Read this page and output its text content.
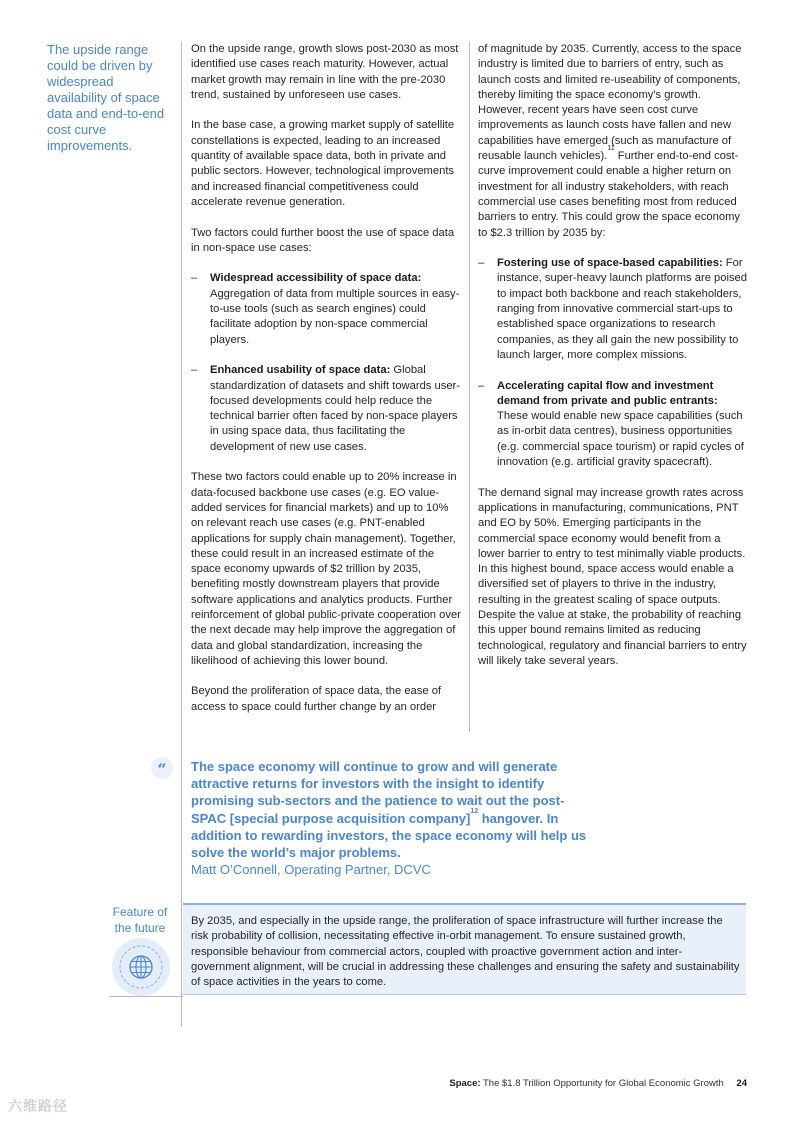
The upside range could be driven by widespread availability of space data and end-to-end cost curve improvements.

On the upside range, growth slows post-2030 as most identified use cases reach maturity. However, actual market growth may remain in line with the pre-2030 trend, sustained by unforeseen use cases.

In the base case, a growing market supply of satellite constellations is expected, leading to an increased quantity of available space data, both in private and public sectors. However, technological improvements and increased financial competitiveness could accelerate revenue generation.

Two factors could further boost the use of space data in non-space use cases:

– Widespread accessibility of space data: Aggregation of data from multiple sources in easy-to-use tools (such as search engines) could facilitate adoption by non-space commercial players.
– Enhanced usability of space data: Global standardization of datasets and shift towards user-focused developments could help reduce the technical barrier often faced by non-space players in using space data, thus facilitating the development of new use cases.

These two factors could enable up to 20% increase in data-focused backbone use cases (e.g. EO value-added services for financial markets) and up to 10% on relevant reach use cases (e.g. PNT-enabled applications for supply chain management). Together, these could result in an increased estimate of the space economy upwards of $2 trillion by 2035, benefiting mostly downstream players that provide software applications and analytics products. Further reinforcement of global public-private cooperation over the next decade may help improve the aggregation of data and global standardization, increasing the likelihood of achieving this lower bound.

Beyond the proliferation of space data, the ease of access to space could further change by an order

of magnitude by 2035. Currently, access to the space industry is limited due to barriers of entry, such as launch costs and limited re-useability of components, thereby limiting the space economy's growth. However, recent years have seen cost curve improvements as launch costs have fallen and new capabilities have emerged (such as manufacture of reusable launch vehicles).$^{11}$ Further end-to-end cost-curve improvement could enable a higher return on investment for all industry stakeholders, with reach commercial use cases benefiting most from reduced barriers to entry. This could grow the space economy to $2.3 trillion by 2035 by:

– Fostering use of space-based capabilities: For instance, super-heavy launch platforms are poised to impact both backbone and reach stakeholders, ranging from innovative commercial start-ups to established space organizations to research companies, as they all gain the new possibility to launch larger, more complex missions.
– Accelerating capital flow and investment demand from private and public entrants: These would enable new space capabilities (such as in-orbit data centres), business opportunities (e.g. commercial space tourism) or rapid cycles of innovation (e.g. artificial gravity spacecraft).

The demand signal may increase growth rates across applications in manufacturing, communications, PNT and EO by 50%. Emerging participants in the commercial space economy would benefit from a lower barrier to entry to test minimally viable products. In this highest bound, space access would enable a diversified set of players to thrive in the industry, resulting in the greatest scaling of space outputs. Despite the value at stake, the probability of reaching this upper bound remains limited as reducing technological, regulatory and financial barriers to entry will likely take several years.

“	The space economy will continue to grow and will generate attractive returns for investors with the insight to identify promising sub-sectors and the patience to wait out the post-SPAC [special purpose acquisition company]$^{12}$ hangover. In addition to rewarding investors, the space economy will help us solve the world’s major problems.
Matt O’Connell, Operating Partner, DCVC
Feature of the future	By 2035, and especially in the upside range, the proliferation of space infrastructure will further increase the risk probability of collision, necessitating effective in-orbit management. To ensure sustained growth, responsible behaviour from commercial actors, coupled with proactive government action and inter-government alignment, will be crucial in addressing these challenges and ensuring the safety and sustainability of space activities in the years to come.
Space: The $1.8 Trillion Opportunity for Global Economic Growth 24
六维路径
